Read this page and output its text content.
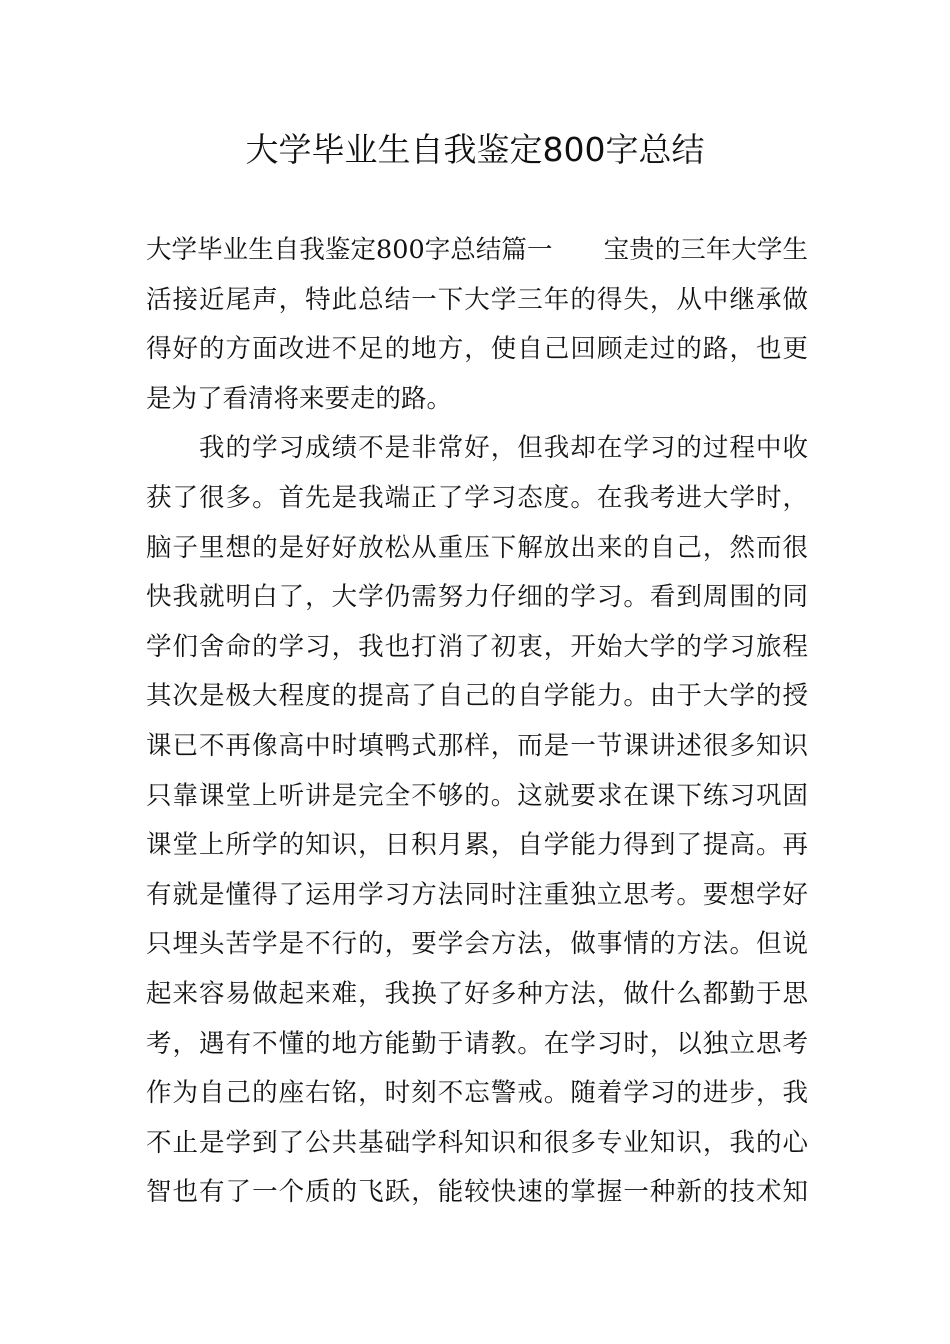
大学毕业生自我鉴定800字总结
大学毕业生自我鉴定800字总结篇一　　宝贵的三年大学生
活接近尾声，特此总结一下大学三年的得失，从中继承做
得好的方面改进不足的地方，使自己回顾走过的路，也更
是为了看清将来要走的路。
　　我的学习成绩不是非常好，但我却在学习的过程中收
获了很多。首先是我端正了学习态度。在我考进大学时，
脑子里想的是好好放松从重压下解放出来的自己，然而很
快我就明白了，大学仍需努力仔细的学习。看到周围的同
学们舍命的学习，我也打消了初衷，开始大学的学习旅程
其次是极大程度的提高了自己的自学能力。由于大学的授
课已不再像高中时填鸭式那样，而是一节课讲述很多知识
只靠课堂上听讲是完全不够的。这就要求在课下练习巩固
课堂上所学的知识，日积月累，自学能力得到了提高。再
有就是懂得了运用学习方法同时注重独立思考。要想学好
只埋头苦学是不行的，要学会方法，做事情的方法。但说
起来容易做起来难，我换了好多种方法，做什么都勤于思
考，遇有不懂的地方能勤于请教。在学习时，以独立思考
作为自己的座右铭，时刻不忘警戒。随着学习的进步，我
不止是学到了公共基础学科知识和很多专业知识，我的心
智也有了一个质的飞跃，能较快速的掌握一种新的技术知
